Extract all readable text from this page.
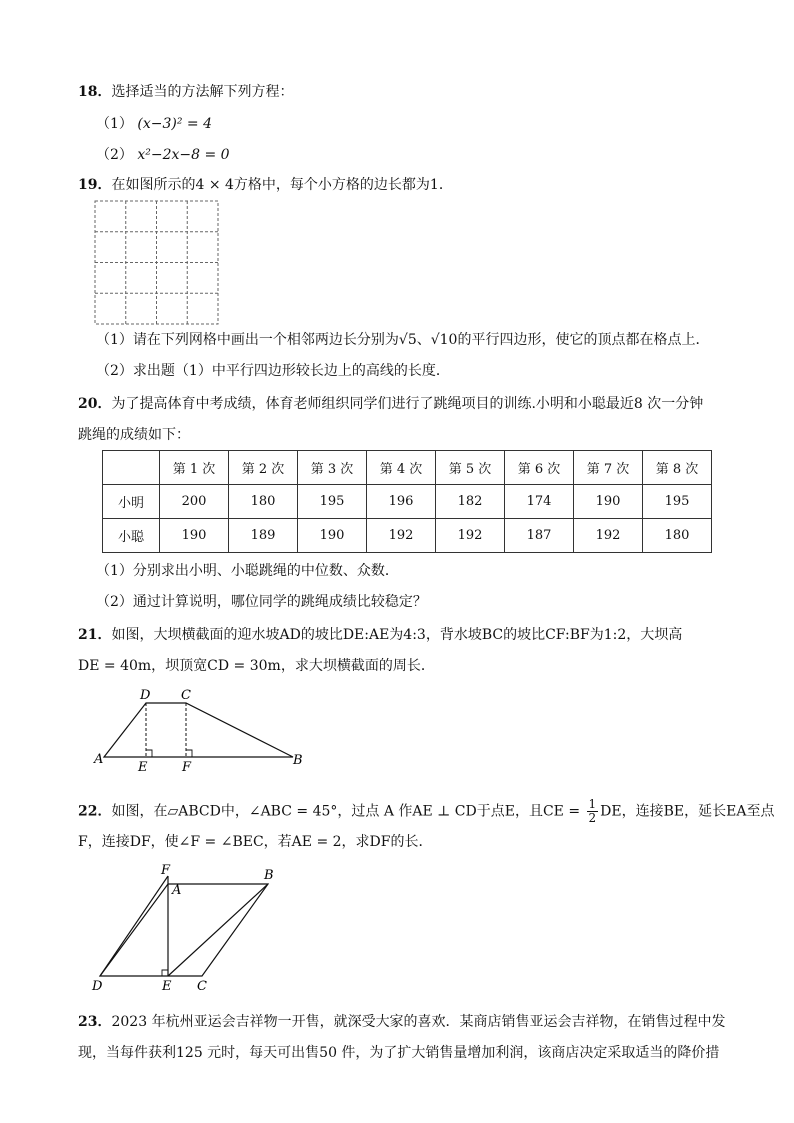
18．选择适当的方法解下列方程：
（1） (x−3)² = 4
（2） x²−2x−8 = 0
19．在如图所示的4 × 4方格中，每个小方格的边长都为1．
（1）请在下列网格中画出一个相邻两边长分别为√5、√10的平行四边形，使它的顶点都在格点上．
（2）求出题（1）中平行四边形较长边上的高线的长度．
20．为了提高体育中考成绩，体育老师组织同学们进行了跳绳项目的训练.小明和小聪最近8 次一分钟
跳绳的成绩如下：
	第 1 次	第 2 次	第 3 次	第 4 次	第 5 次	第 6 次	第 7 次	第 8 次
小明	200	180	195	196	182	174	190	195
小聪	190	189	190	192	192	187	192	180
（1）分别求出小明、小聪跳绳的中位数、众数．
（2）通过计算说明，哪位同学的跳绳成绩比较稳定？
21．如图，大坝横截面的迎水坡AD的坡比DE:AE为4:3，背水坡BC的坡比CF:BF为1:2，大坝高
DE = 40m，坝顶宽CD = 30m，求大坝横截面的周长．
A
D C
E	F	B
22．如图，在▱ABCD中，∠ABC = 45°，过点 A 作AE ⊥ CD于点E，且CE = $\frac{1}{2}$ DE，连接BE，延长EA至点
F，连接DF，使∠F = ∠BEC，若AE = 2，求DF的长．
F
A
B
D	E C
23．2023 年杭州亚运会吉祥物一开售，就深受大家的喜欢．某商店销售亚运会吉祥物，在销售过程中发
现，当每件获利125 元时，每天可出售50 件，为了扩大销售量增加利润，该商店决定采取适当的降价措
